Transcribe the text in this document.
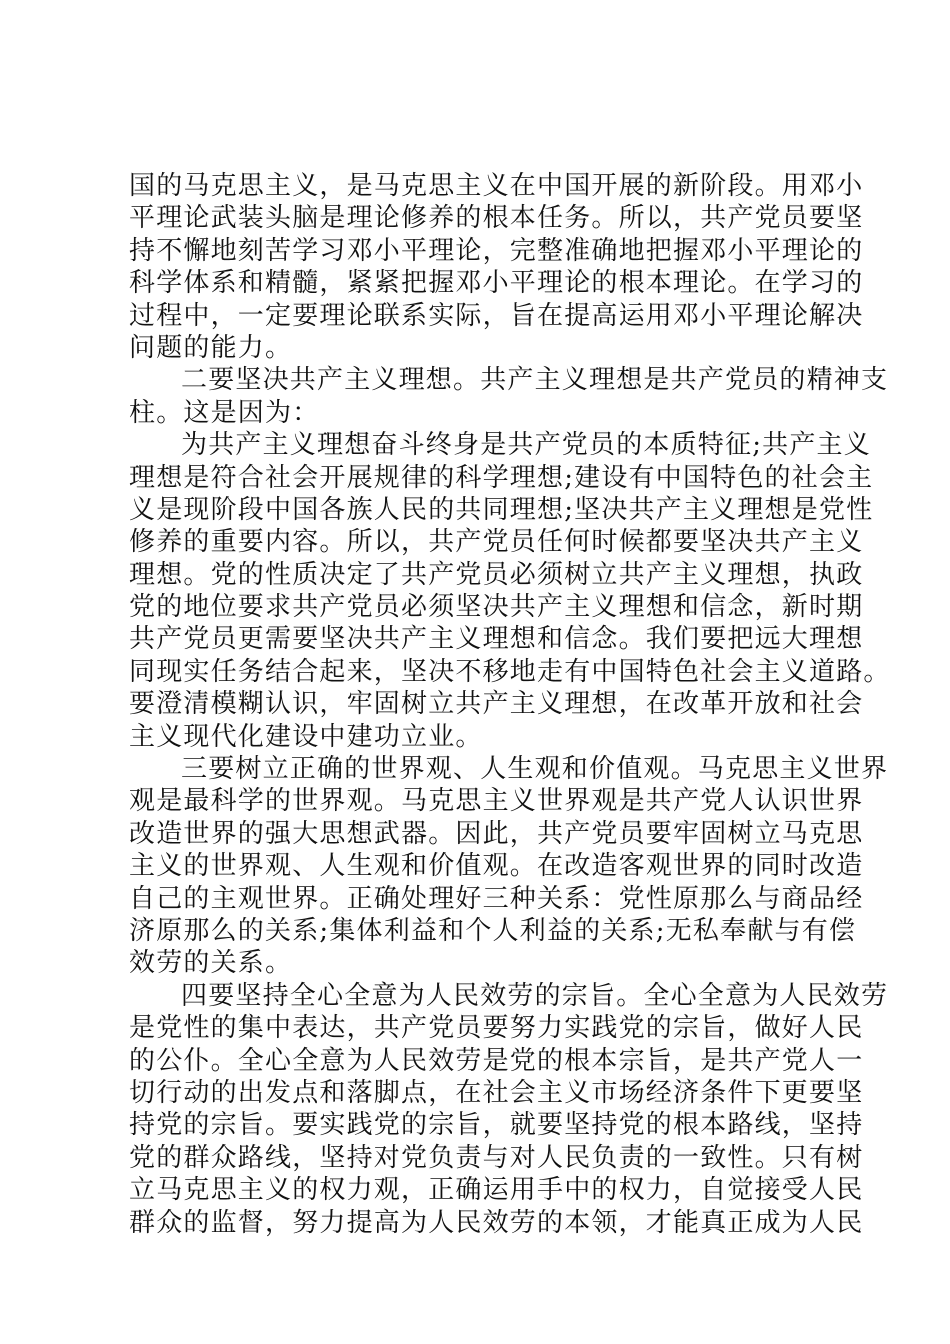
国的马克思主义，是马克思主义在中国开展的新阶段。用邓小
平理论武装头脑是理论修养的根本任务。所以，共产党员要坚
持不懈地刻苦学习邓小平理论，完整准确地把握邓小平理论的
科学体系和精髓，紧紧把握邓小平理论的根本理论。在学习的
过程中，一定要理论联系实际，旨在提高运用邓小平理论解决
问题的能力。
二要坚决共产主义理想。共产主义理想是共产党员的精神支
柱。这是因为：
为共产主义理想奋斗终身是共产党员的本质特征;共产主义
理想是符合社会开展规律的科学理想;建设有中国特色的社会主
义是现阶段中国各族人民的共同理想;坚决共产主义理想是党性
修养的重要内容。所以，共产党员任何时候都要坚决共产主义
理想。党的性质决定了共产党员必须树立共产主义理想，执政
党的地位要求共产党员必须坚决共产主义理想和信念，新时期
共产党员更需要坚决共产主义理想和信念。我们要把远大理想
同现实任务结合起来，坚决不移地走有中国特色社会主义道路。
要澄清模糊认识，牢固树立共产主义理想，在改革开放和社会
主义现代化建设中建功立业。
三要树立正确的世界观、人生观和价值观。马克思主义世界
观是最科学的世界观。马克思主义世界观是共产党人认识世界
改造世界的强大思想武器。因此，共产党员要牢固树立马克思
主义的世界观、人生观和价值观。在改造客观世界的同时改造
自己的主观世界。正确处理好三种关系：党性原那么与商品经
济原那么的关系;集体利益和个人利益的关系;无私奉献与有偿
效劳的关系。
四要坚持全心全意为人民效劳的宗旨。全心全意为人民效劳
是党性的集中表达，共产党员要努力实践党的宗旨，做好人民
的公仆。全心全意为人民效劳是党的根本宗旨，是共产党人一
切行动的出发点和落脚点，在社会主义市场经济条件下更要坚
持党的宗旨。要实践党的宗旨，就要坚持党的根本路线，坚持
党的群众路线，坚持对党负责与对人民负责的一致性。只有树
立马克思主义的权力观，正确运用手中的权力，自觉接受人民
群众的监督，努力提高为人民效劳的本领，才能真正成为人民
